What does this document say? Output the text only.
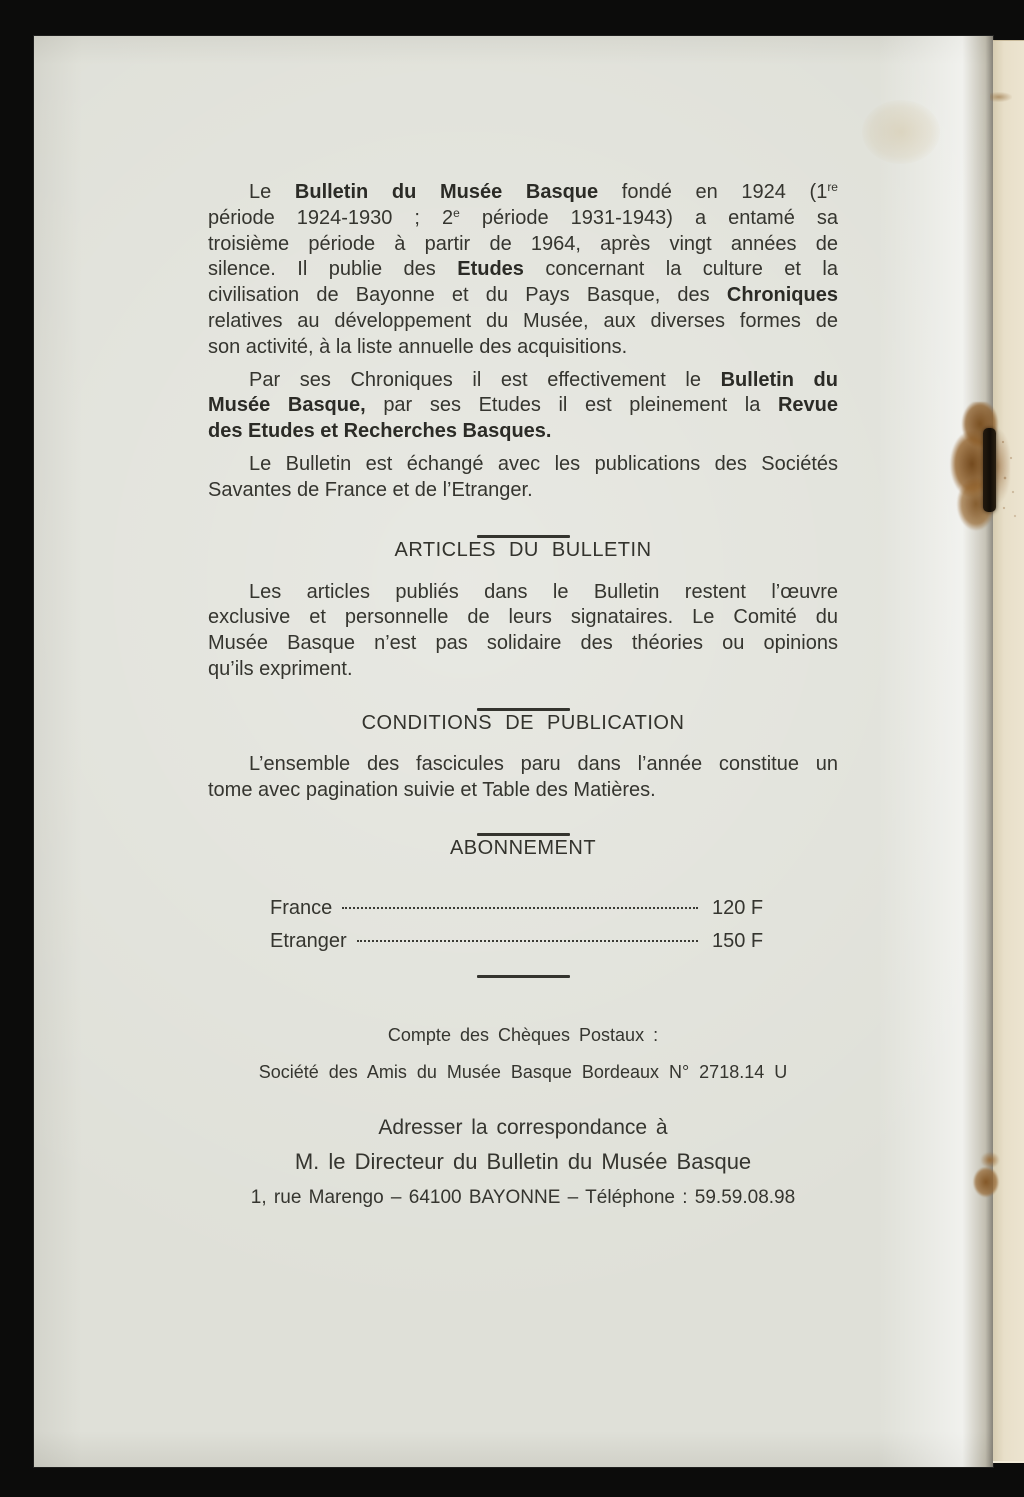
Le Bulletin du Musée Basque fondé en 1924 (1re
période 1924-1930 ; 2e période 1931-1943) a entamé sa
troisième période à partir de 1964, après vingt années de
silence. Il publie des Etudes concernant la culture et la
civilisation de Bayonne et du Pays Basque, des Chroniques
relatives au développement du Musée, aux diverses formes de
son activité, à la liste annuelle des acquisitions.
Par ses Chroniques il est effectivement le Bulletin du
Musée Basque, par ses Etudes il est pleinement la Revue
des Etudes et Recherches Basques.
Le Bulletin est échangé avec les publications des Sociétés
Savantes de France et de l’Etranger.
ARTICLES DU BULLETIN
Les articles publiés dans le Bulletin restent l’œuvre
exclusive et personnelle de leurs signataires. Le Comité du
Musée Basque n’est pas solidaire des théories ou opinions
qu’ils expriment.
CONDITIONS DE PUBLICATION
L’ensemble des fascicules paru dans l’année constitue un
tome avec pagination suivie et Table des Matières.
ABONNEMENT
France	120 F
Etranger	150 F

Compte des Chèques Postaux :

Société des Amis du Musée Basque Bordeaux N° 2718.14 U

Adresser la correspondance à

M. le Directeur du Bulletin du Musée Basque

1, rue Marengo – 64100 BAYONNE – Téléphone : 59.59.08.98
